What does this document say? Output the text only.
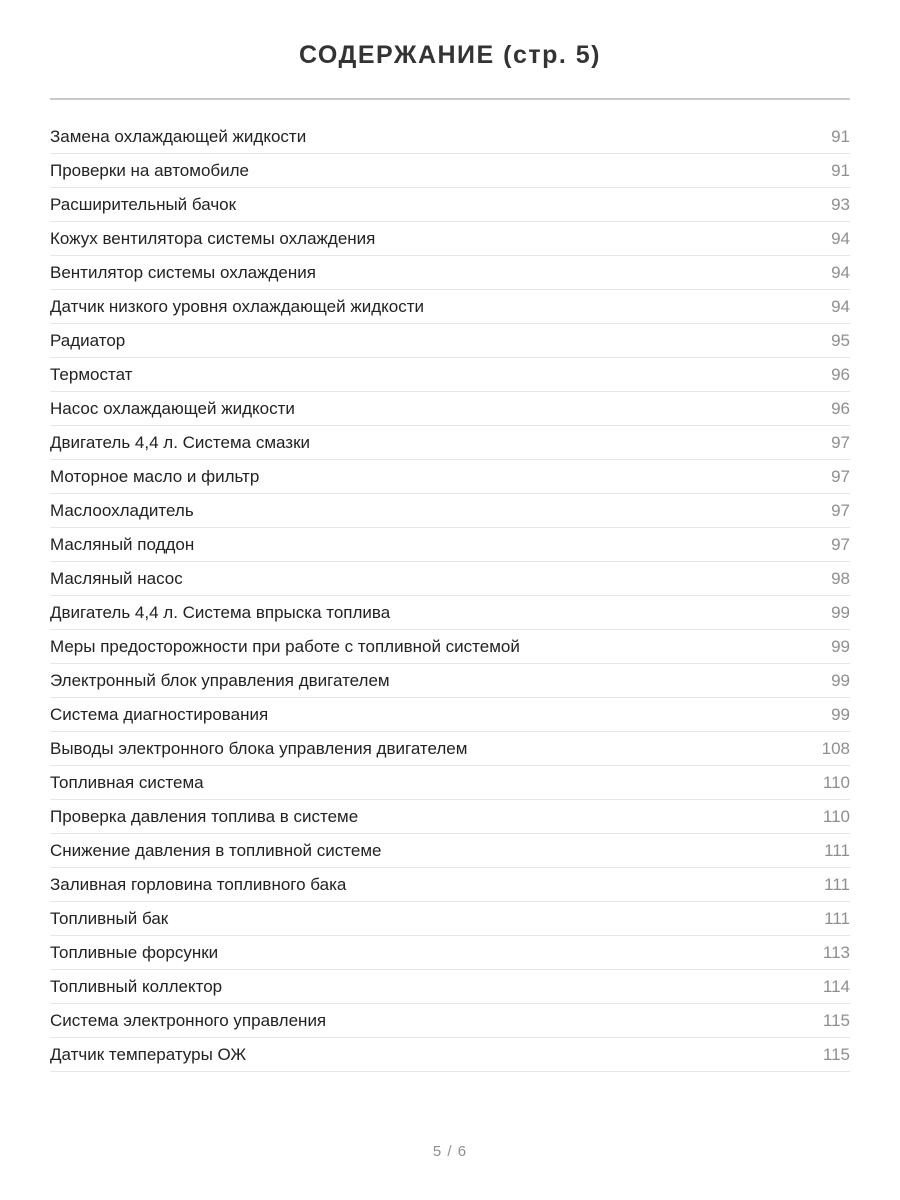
СОДЕРЖАНИЕ (стр. 5)
Замена охлаждающей жидкости	91
Проверки на автомобиле	91
Расширительный бачок	93
Кожух вентилятора системы охлаждения	94
Вентилятор системы охлаждения	94
Датчик низкого уровня охлаждающей жидкости	94
Радиатор	95
Термостат	96
Насос охлаждающей жидкости	96
Двигатель 4,4 л. Система смазки	97
Моторное масло и фильтр	97
Маслоохладитель	97
Масляный поддон	97
Масляный насос	98
Двигатель 4,4 л. Система впрыска топлива	99
Меры предосторожности при работе с топливной системой	99
Электронный блок управления двигателем	99
Система диагностирования	99
Выводы электронного блока управления двигателем	108
Топливная система	110
Проверка давления топлива в системе	110
Снижение давления в топливной системе	111
Заливная горловина топливного бака	111
Топливный бак	111
Топливные форсунки	113
Топливный коллектор	114
Система электронного управления	115
Датчик температуры ОЖ	115
5 / 6
